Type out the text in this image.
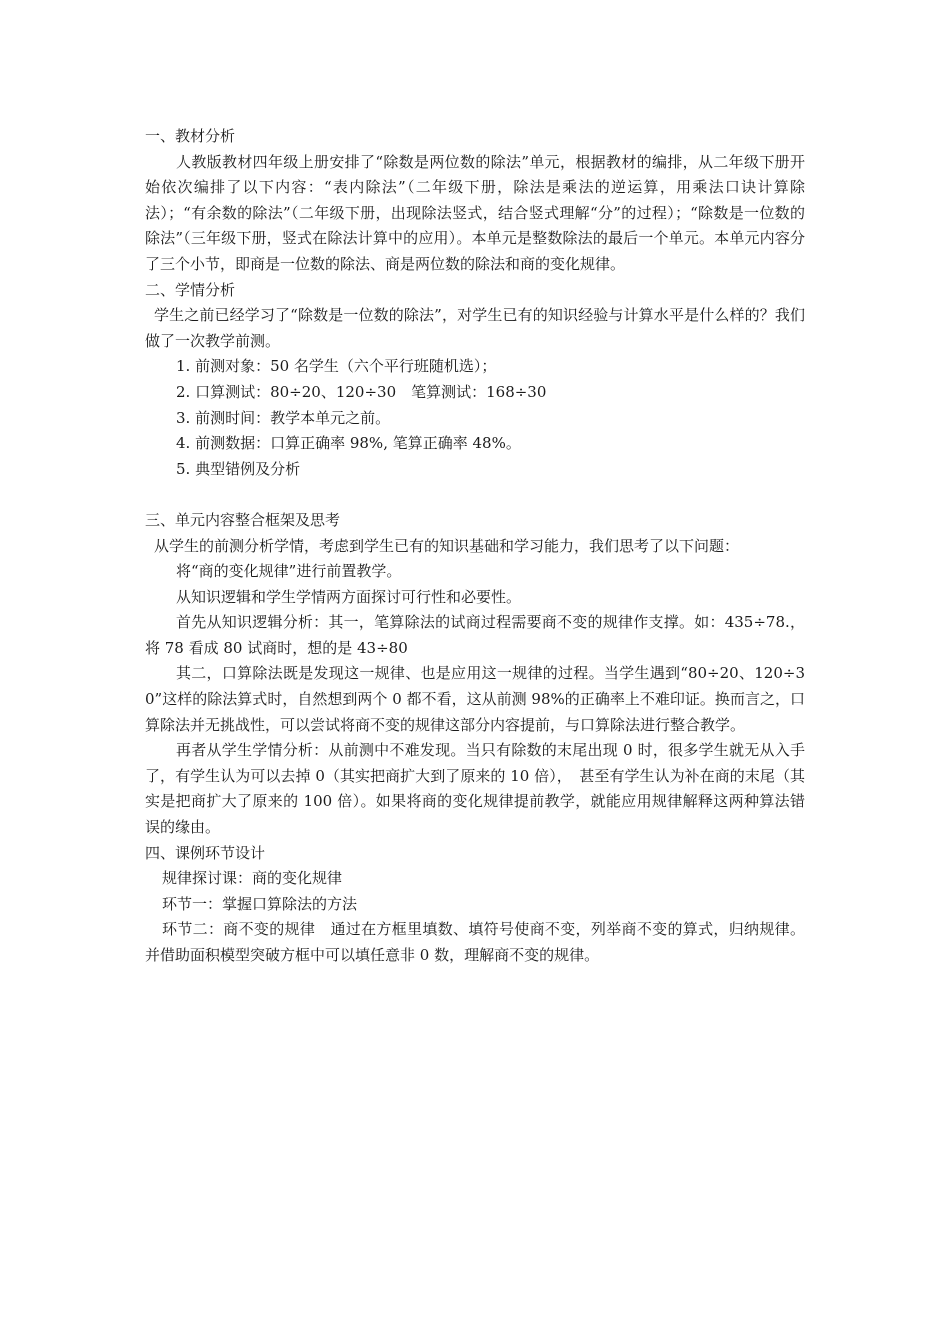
一、教材分析

人教版教材四年级上册安排了“除数是两位数的除法”单元，根据教材的编排，从二年级下册开始依次编排了以下内容：“表内除法”（二年级下册，除法是乘法的逆运算，用乘法口诀计算除法）；“有余数的除法”（二年级下册，出现除法竖式，结合竖式理解“分”的过程）；“除数是一位数的除法”（三年级下册，竖式在除法计算中的应用）。本单元是整数除法的最后一个单元。本单元内容分了三个小节，即商是一位数的除法、商是两位数的除法和商的变化规律。

二、学情分析

学生之前已经学习了“除数是一位数的除法”，对学生已有的知识经验与计算水平是什么样的？我们做了一次教学前测。

1. 前测对象：50 名学生（六个平行班随机选）；

2. 口算测试：80÷20、120÷30　笔算测试：168÷30

3. 前测时间：教学本单元之前。

4. 前测数据：口算正确率 98%, 笔算正确率 48%。

5. 典型错例及分析

三、单元内容整合框架及思考

从学生的前测分析学情，考虑到学生已有的知识基础和学习能力，我们思考了以下问题：

将“商的变化规律”进行前置教学。

从知识逻辑和学生学情两方面探讨可行性和必要性。

首先从知识逻辑分析：其一，笔算除法的试商过程需要商不变的规律作支撑。如：435÷78.，将 78 看成 80 试商时，想的是 43÷80

其二，口算除法既是发现这一规律、也是应用这一规律的过程。当学生遇到“80÷20、120÷30”这样的除法算式时，自然想到两个 0 都不看，这从前测 98%的正确率上不难印证。换而言之，口算除法并无挑战性，可以尝试将商不变的规律这部分内容提前，与口算除法进行整合教学。

再者从学生学情分析：从前测中不难发现。当只有除数的末尾出现 0 时，很多学生就无从入手了，有学生认为可以去掉 0（其实把商扩大到了原来的 10 倍），　甚至有学生认为补在商的末尾（其实是把商扩大了原来的 100 倍）。如果将商的变化规律提前教学，就能应用规律解释这两种算法错误的缘由。

四、课例环节设计

规律探讨课：商的变化规律

环节一：掌握口算除法的方法

环节二：商不变的规律　通过在方框里填数、填符号使商不变，列举商不变的算式，归纳规律。并借助面积模型突破方框中可以填任意非 0 数，理解商不变的规律。
